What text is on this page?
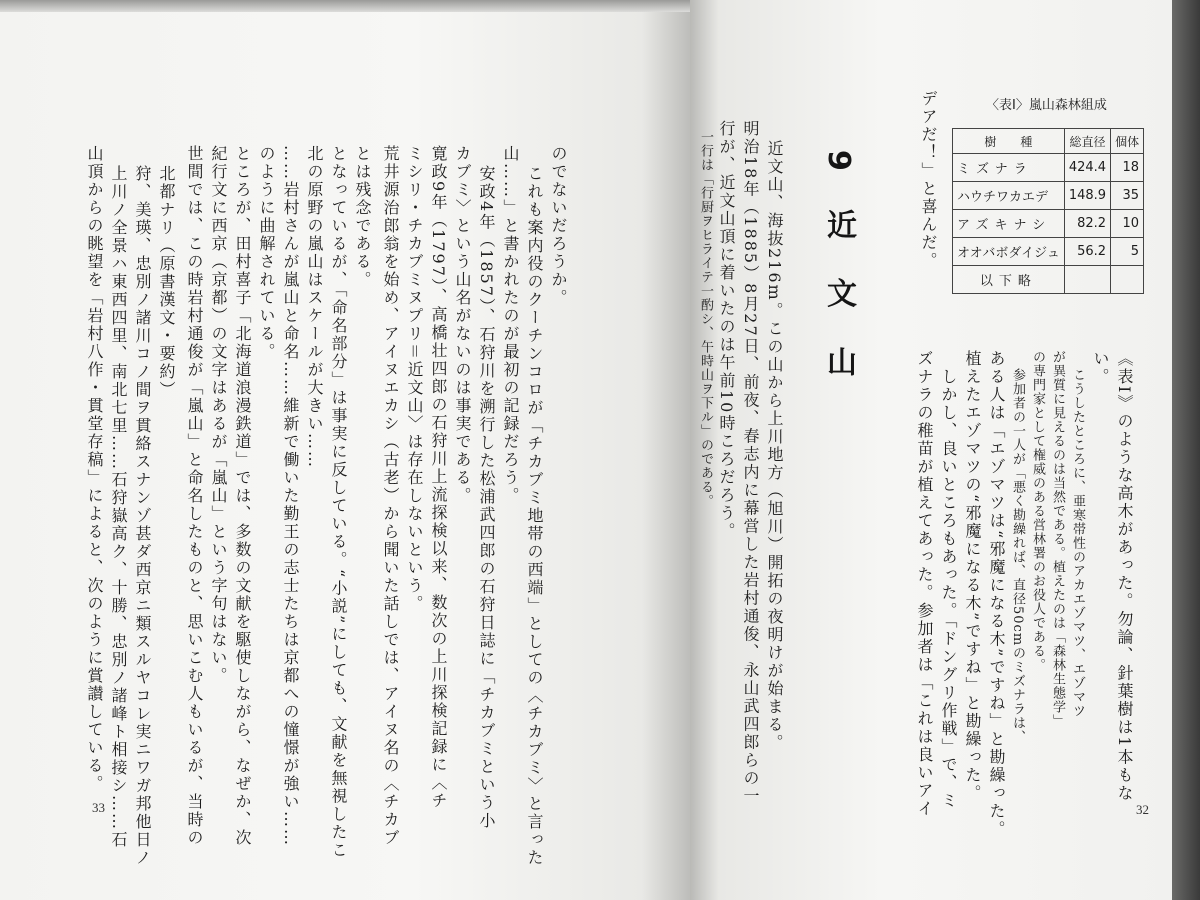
山頂からの眺望を「岩村八作・貫堂存稿」によると、次のように賞讃している。 上川ノ全景ハ東西四里、南北七里……石狩嶽高ク、十勝、忠別ノ諸峰ト相接シ……石 狩、美瑛、忠別ノ諸川コノ間ヲ貫絡スナンゾ甚ダ西京ニ類スルヤコレ実ニワガ邦他日ノ 北都ナリ（原書漢文・要約） 世間では、この時岩村通俊が「嵐山」と命名したものと、思いこむ人もいるが、当時の 紀行文に西京（京都）の文字はあるが「嵐山」という字句はない。 ところが、田村喜子「北海道浪漫鉄道」では、多数の文献を駆使しながら、なぜか、次 のように曲解されている。 ……岩村さんが嵐山と命名……維新で働いた勤王の志士たちは京都への憧憬が強い…… 北の原野の嵐山はスケールが大きい…… となっているが、「命名部分」は事実に反している。“小説”にしても、文献を無視したこ とは残念である。 荒井源治郎翁を始め、アイヌエカシ（古老）から聞いた話しでは、アイヌ名の〈チカブ ミシリ・チカブミヌプリ＝近文山〉は存在しないという。 寛政9年（1797）、高橋壮四郎の石狩川上流探検以来、数次の上川探検記録に〈チ カブミ〉という山名がないのは事実である。 安政4年（1857）、石狩川を溯行した松浦武四郎の石狩日誌に「チカブミという小 山……」と書かれたのが最初の記録だろう。 これも案内役のクーチンコロが「チカブミ地帯の西端」としての〈チカブミ〉と言った のでないだろうか。
33
9 近 文 山
近文山、海抜216m。この山から上川地方（旭川）開拓の夜明けが始まる。
明治18年（1885）8月27日、前夜、春志内に幕営した岩村通俊、永山武四郎らの一
行が、近文山頂に着いたのは午前10時ころだろう。
一行は「行厨ヲヒライテ一酌シ、午時山ヲ下ル」のである。	デアだ！」と喜んだ。	〈表Ⅰ〉嵐山森林組成
樹　　種	総直径	個体
ミズナラ	424.4	18
ハウチワカエデ	148.9	35
アズキナシ	82.2	10
オオバボダイジュ	56.2	5
以下略		
《表I》のような高木があった。勿論、針葉樹は1本もな
い。
こうしたところに、亜寒帯性のアカエゾマツ、エゾマツ
が異質に見えるのは当然である。植えたのは「森林生態学」
の専門家として権威のある営林署のお役人である。
参加者の一人が「悪く勘繰れば、直径50cmのミズナラは、
ある人は「エゾマツは“邪魔になる木”ですね」と勘繰った。
植えたエゾマツの“邪魔になる木”ですね」と勘繰った。
しかし、良いところもあった。「ドングリ作戦」で、ミ
ズナラの稚苗が植えてあった。参加者は「これは良いアイ	32
